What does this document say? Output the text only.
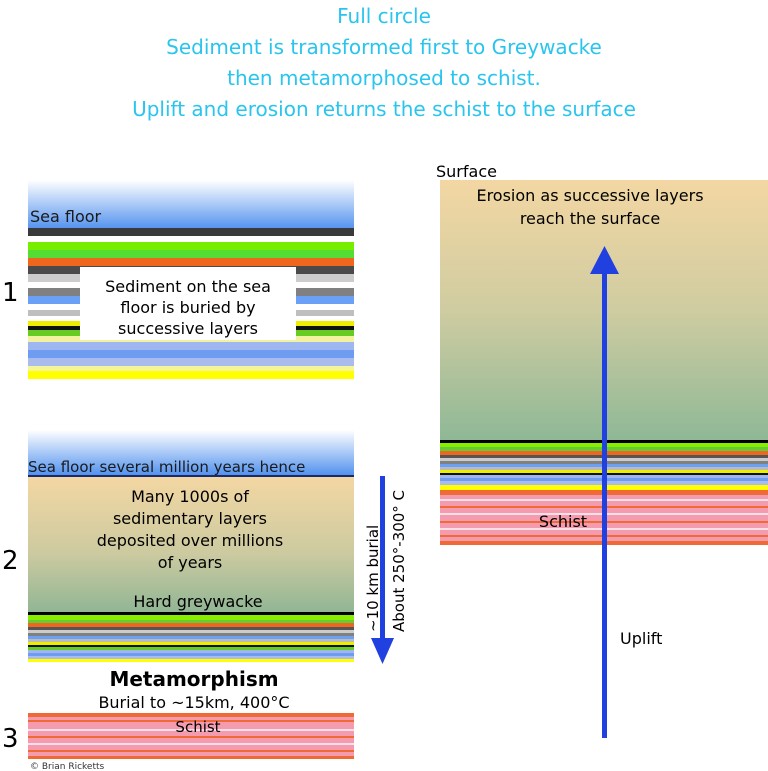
Full circle
Sediment is transformed first to Greywacke
then metamorphosed to schist.
Uplift and erosion returns the schist to the surface
Sea floor
Sediment on the sea
floor is buried by
successive layers
1
Sea floor several million years hence
Many 1000s of
sedimentary layers
deposited over millions
of years
Hard greywacke
2	~10 km burial About 250°-300° C
Metamorphism
Burial to ~15km, 400°C
Schist
3
Surface
Erosion as successive layers
reach the surface
Schist
Uplift
© Brian Ricketts
